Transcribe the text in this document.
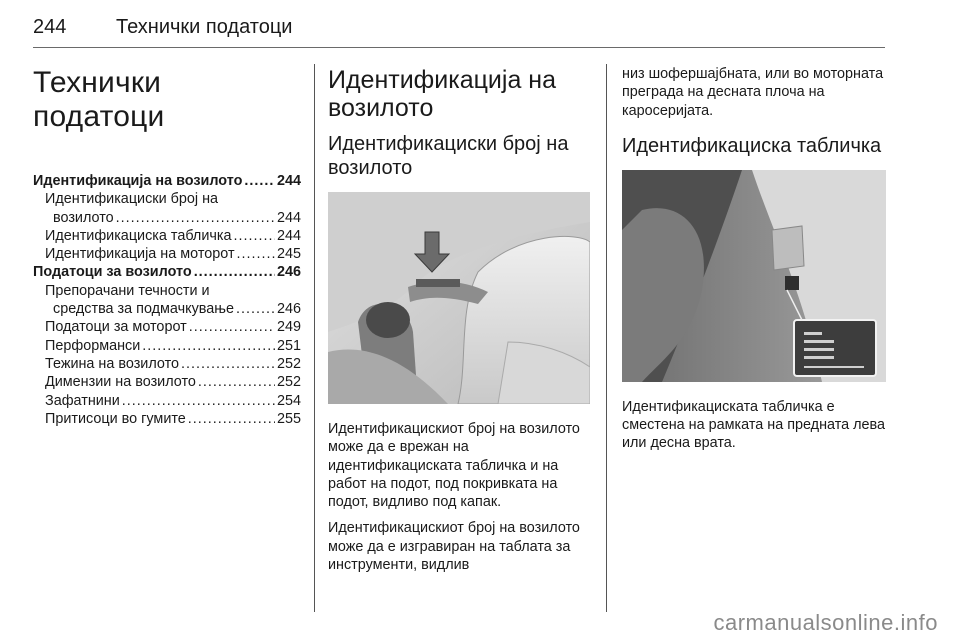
244 Технички податоци
Технички податоци
Идентификација на возилото ..... 244
Идентификациски број на
возилото .....	244
Идентификациска табличка .....	244
Идентификација на моторот .....	245
Податоци за возилото .....	246
Препорачани течности и
средства за подмачкување .....	246
Податоци за моторот .....	249
Перформанси .....	251
Тежина на возилото .....	252
Димензии на возилото .....	252
Зафатнини .....	254
Притисоци во гумите .....	255
Идентификација на возилото
Идентификациски број на возилото

Идентификацискиот број на возилото може да е врежан на идентификациската табличка и на работ на подот, под покривката на подот, видливо под капак.

Идентификацискиот број на возилото може да е изгравиран на таблата за инструменти, видлив

низ шофершајбната, или во моторната преграда на десната плоча на каросеријата.

Идентификациска табличка

Идентификациската табличка е сместена на рамката на предната лева или десна врата.

carmanualsonline.info
